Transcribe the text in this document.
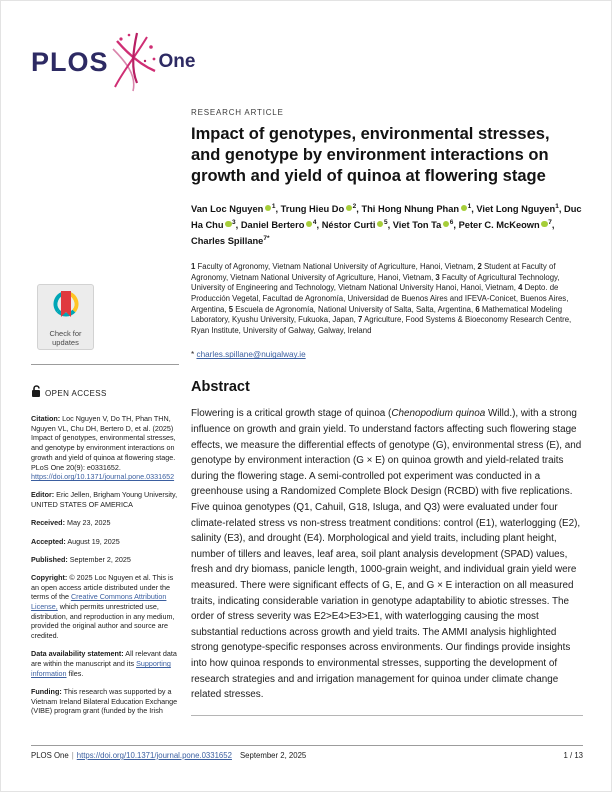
PLOS	One
RESEARCH ARTICLE
Impact of genotypes, environmental stresses, and genotype by environment interactions on growth and yield of quinoa at flowering stage
Van Loc Nguyen $^1$, Trung Hieu Do $^2$, Thi Hong Nhung Phan $^1$, Viet Long Nguyen$^1$, Duc Ha Chu $^3$, Daniel Bertero $^4$, Néstor Curti $^5$, Viet Ton Ta $^6$, Peter C. McKeown $^7$, Charles Spillane$^{7*}$
1 Faculty of Agronomy, Vietnam National University of Agriculture, Hanoi, Vietnam, 2 Student at Faculty of Agronomy, Vietnam National University of Agriculture, Hanoi, Vietnam, 3 Faculty of Agricultural Technology, University of Engineering and Technology, Vietnam National University Hanoi, Hanoi, Vietnam, 4 Depto. de Producción Vegetal, Facultad de Agronomía, Universidad de Buenos Aires and IFEVA-Conicet, Buenos Aires, Argentina, 5 Escuela de Agronomía, National University of Salta, Salta, Argentina, 6 Mathematical Modeling Laboratory, Kyushu University, Fukuoka, Japan, 7 Agriculture, Food Systems & Bioeconomy Research Centre, Ryan Institute, University of Galway, Galway, Ireland
* charles.spillane@nuigalway.ie
Abstract

Flowering is a critical growth stage of quinoa (Chenopodium quinoa Willd.), with a strong influence on growth and grain yield. To understand factors affecting such flowering stage effects, we measure the differential effects of genotype (G), environmental stress (E), and genotype by environment interaction (G × E) on quinoa growth and yield-related traits during the flowering stage. A semi-controlled pot experiment was conducted in a greenhouse using a Randomized Complete Block Design (RCBD) with five replications. Five quinoa genotypes (Q1, Cahuil, G18, Isluga, and Q3) were evaluated under four climate-related stress vs non-stress treatment conditions: control (E1), waterlogging (E2), salinity (E3), and drought (E4). Morphological and yield traits, including plant height, number of tillers and leaves, leaf area, soil plant analysis development (SPAD) values, fresh and dry biomass, panicle length, 1000-grain weight, and individual grain yield were measured. There were significant effects of G, E, and G × E interaction on all measured traits, indicating considerable variation in genotype adaptability to abiotic stresses. The order of stress severity was E2>E4>E3>E1, with waterlogging causing the most substantial reductions across growth and yield traits. The AMMI analysis highlighted strong genotype-specific responses across environments. Our findings provide insights into how quinoa responds to environmental stresses, supporting the development of research strategies and and irrigation management for quinoa under climate change related stresses.

Check for updates
OPEN ACCESS

Citation: Loc Nguyen V, Do TH, Phan THN, Nguyen VL, Chu DH, Bertero D, et al. (2025) Impact of genotypes, environmental stresses, and genotype by environment interactions on growth and yield of quinoa at flowering stage. PLoS One 20(9): e0331652. https://doi.org/10.1371/journal.pone.0331652

Editor: Eric Jellen, Brigham Young University, UNITED STATES OF AMERICA

Received: May 23, 2025

Accepted: August 19, 2025

Published: September 2, 2025

Copyright: © 2025 Loc Nguyen et al. This is an open access article distributed under the terms of the Creative Commons Attribution License, which permits unrestricted use, distribution, and reproduction in any medium, provided the original author and source are credited.

Data availability statement: All relevant data are within the manuscript and its Supporting information files.

Funding: This research was supported by a Vietnam Ireland Bilateral Education Exchange (VIBE) program grant (funded by the Irish

PLOS One | https://doi.org/10.1371/journal.pone.0331652 September 2, 2025	1 / 13
